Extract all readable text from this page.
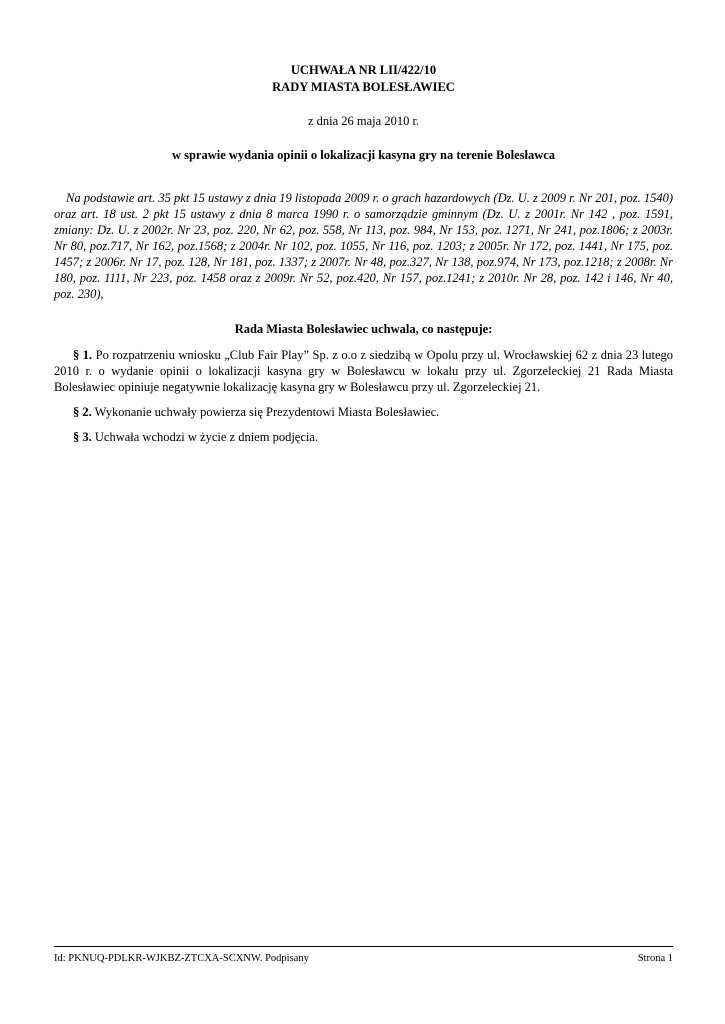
UCHWAŁA NR LII/422/10

RADY MIASTA BOLESŁAWIEC

z dnia 26 maja 2010 r.

w sprawie wydania opinii o lokalizacji kasyna gry na terenie Bolesławca

Na podstawie art. 35 pkt 15 ustawy z dnia 19 listopada 2009 r. o grach hazardowych (Dz. U. z 2009 r. Nr 201, poz. 1540) oraz art. 18 ust. 2 pkt 15 ustawy z dnia 8 marca 1990 r. o samorządzie gminnym (Dz. U. z 2001r. Nr 142 , poz. 1591, zmiany: Dz. U. z 2002r. Nr 23, poz. 220, Nr 62, poz. 558, Nr 113, poz. 984, Nr 153, poz. 1271, Nr 241, poz.1806; z 2003r. Nr 80, poz.717, Nr 162, poz.1568; z 2004r. Nr 102, poz. 1055, Nr 116, poz. 1203; z 2005r. Nr 172, poz. 1441, Nr 175, poz. 1457; z 2006r. Nr 17, poz. 128, Nr 181, poz. 1337; z 2007r. Nr 48, poz.327, Nr 138, poz.974, Nr 173, poz.1218; z 2008r. Nr 180, poz. 1111, Nr 223, poz. 1458 oraz z 2009r. Nr 52, poz.420, Nr 157, poz.1241; z 2010r. Nr 28, poz. 142 i 146, Nr 40, poz. 230),

Rada Miasta Bolesławiec uchwala, co następuje:

§ 1. Po rozpatrzeniu wniosku „Club Fair Play” Sp. z o.o z siedzibą w Opolu przy ul. Wrocławskiej 62 z dnia 23 lutego 2010 r. o wydanie opinii o lokalizacji kasyna gry w Bolesławcu w lokalu przy ul. Zgorzeleckiej 21 Rada Miasta Bolesławiec opiniuje negatywnie lokalizację kasyna gry w Bolesławcu przy ul. Zgorzeleckiej 21.

§ 2. Wykonanie uchwały powierza się Prezydentowi Miasta Bolesławiec.

§ 3. Uchwała wchodzi w życie z dniem podjęcia.

Id: PKNUQ-PDLKR-WJKBZ-ZTCXA-SCXNW. Podpisany	Strona 1
